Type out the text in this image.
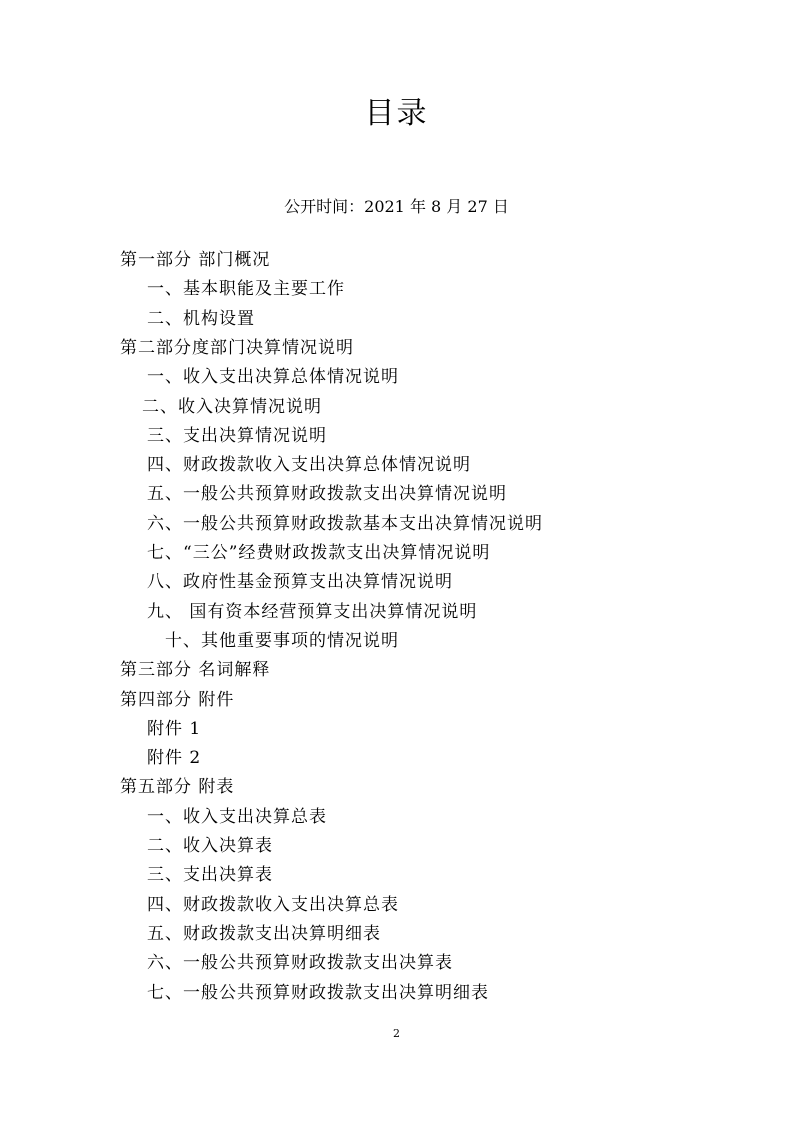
目录
公开时间：2021 年 8 月 27 日
第一部分 部门概况
一、基本职能及主要工作
二、机构设置
第二部分度部门决算情况说明
一、收入支出决算总体情况说明
二、收入决算情况说明
三、支出决算情况说明
四、财政拨款收入支出决算总体情况说明
五、一般公共预算财政拨款支出决算情况说明
六、一般公共预算财政拨款基本支出决算情况说明
七、“三公”经费财政拨款支出决算情况说明
八、政府性基金预算支出决算情况说明
九、 国有资本经营预算支出决算情况说明
十、其他重要事项的情况说明
第三部分 名词解释
第四部分 附件
附件 1
附件 2
第五部分 附表
一、收入支出决算总表
二、收入决算表
三、支出决算表
四、财政拨款收入支出决算总表
五、财政拨款支出决算明细表
六、一般公共预算财政拨款支出决算表
七、一般公共预算财政拨款支出决算明细表
2
